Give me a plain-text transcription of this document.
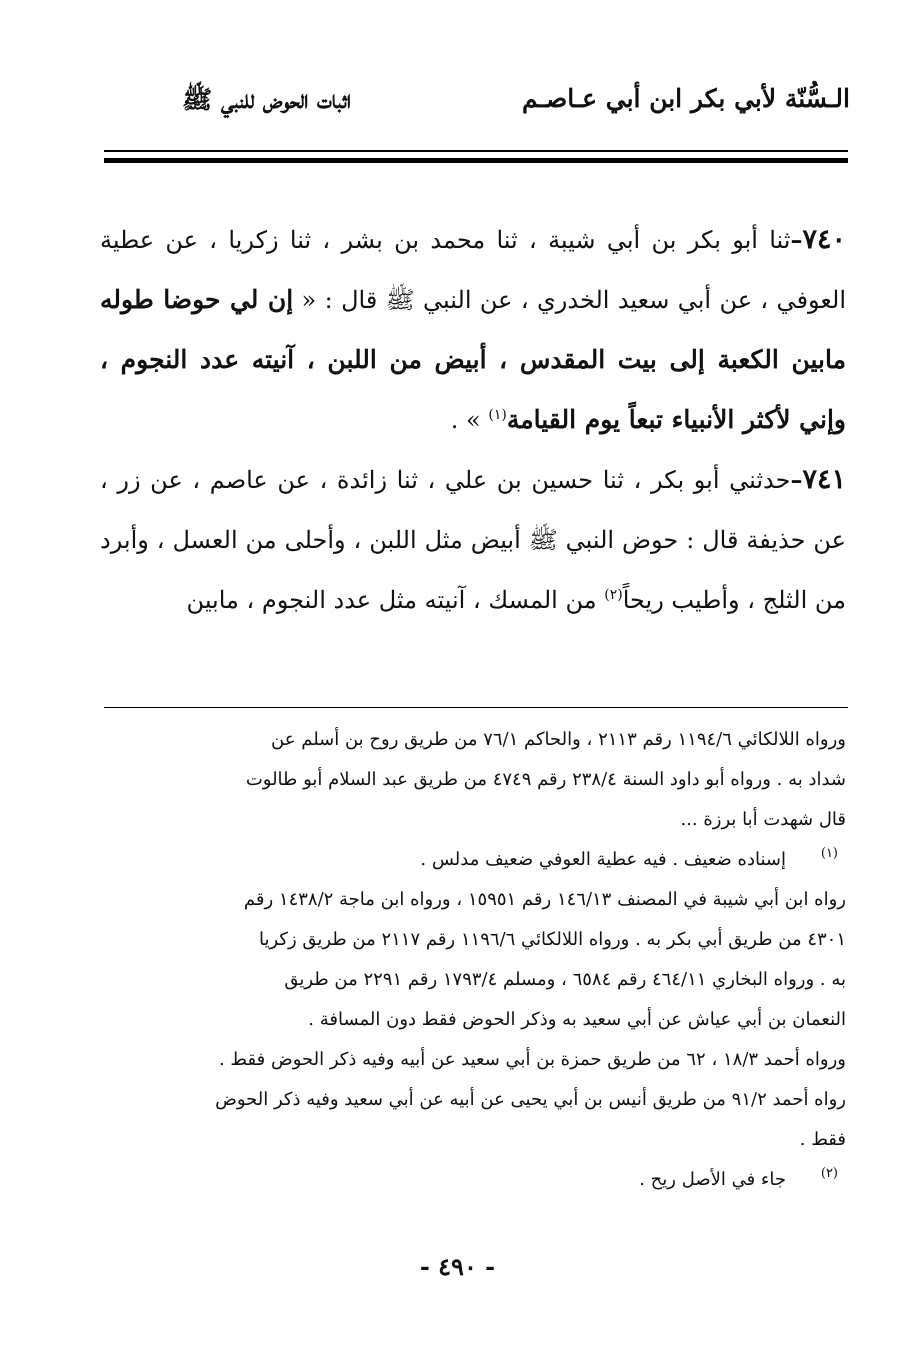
الـسُّنّة لأبي بكر ابن أبي عـاصـم
اثبات الحوض للنبي ﷺ

٧٤٠–ثنا أبو بكر بن أبي شيبة ، ثنا محمد بن بشر ، ثنا زكريا ، عن عطية العوفي ، عن أبي سعيد الخدري ، عن النبي ﷺ قال : « إن لي حوضا طوله مابين الكعبة إلى بيت المقدس ، أبيض من اللبن ، آنيته عدد النجوم ، وإني لأكثر الأنبياء تبعاً يوم القيامة$^{(١)}$ » .

٧٤١–حدثني أبو بكر ، ثنا حسين بن علي ، ثنا زائدة ، عن عاصم ، عن زر ، عن حذيفة قال : حوض النبي ﷺ أبيض مثل اللبن ، وأحلى من العسل ، وأبرد من الثلج ، وأطيب ريحاً$^{(٢)}$ من المسك ، آنيته مثل عدد النجوم ، مابين

ورواه اللالكائي ١١٩٤/٦ رقم ٢١١٣ ، والحاكم ٧٦/١ من طريق روح بن أسلم عن

شداد به . ورواه أبو داود السنة ٢٣٨/٤ رقم ٤٧٤٩ من طريق عبد السلام أبو طالوت

قال شهدت أبا برزة ...

(١)

إسناده ضعيف . فيه عطية العوفي ضعيف مدلس .

رواه ابن أبي شيبة في المصنف ١٤٦/١٣ رقم ١٥٩٥١ ، ورواه ابن ماجة ١٤٣٨/٢ رقم

٤٣٠١ من طريق أبي بكر به . ورواه اللالكائي ١١٩٦/٦ رقم ٢١١٧ من طريق زكريا

به . ورواه البخاري ٤٦٤/١١ رقم ٦٥٨٤ ، ومسلم ١٧٩٣/٤ رقم ٢٢٩١ من طريق

النعمان بن أبي عياش عن أبي سعيد به وذكر الحوض فقط دون المسافة .

ورواه أحمد ١٨/٣ ، ٦٢ من طريق حمزة بن أبي سعيد عن أبيه وفيه ذكر الحوض فقط .

رواه أحمد ٩١/٢ من طريق أنيس بن أبي يحيى عن أبيه عن أبي سعيد وفيه ذكر الحوض

فقط .

(٢)

جاء في الأصل ريح .

- ٤٩٠ -
